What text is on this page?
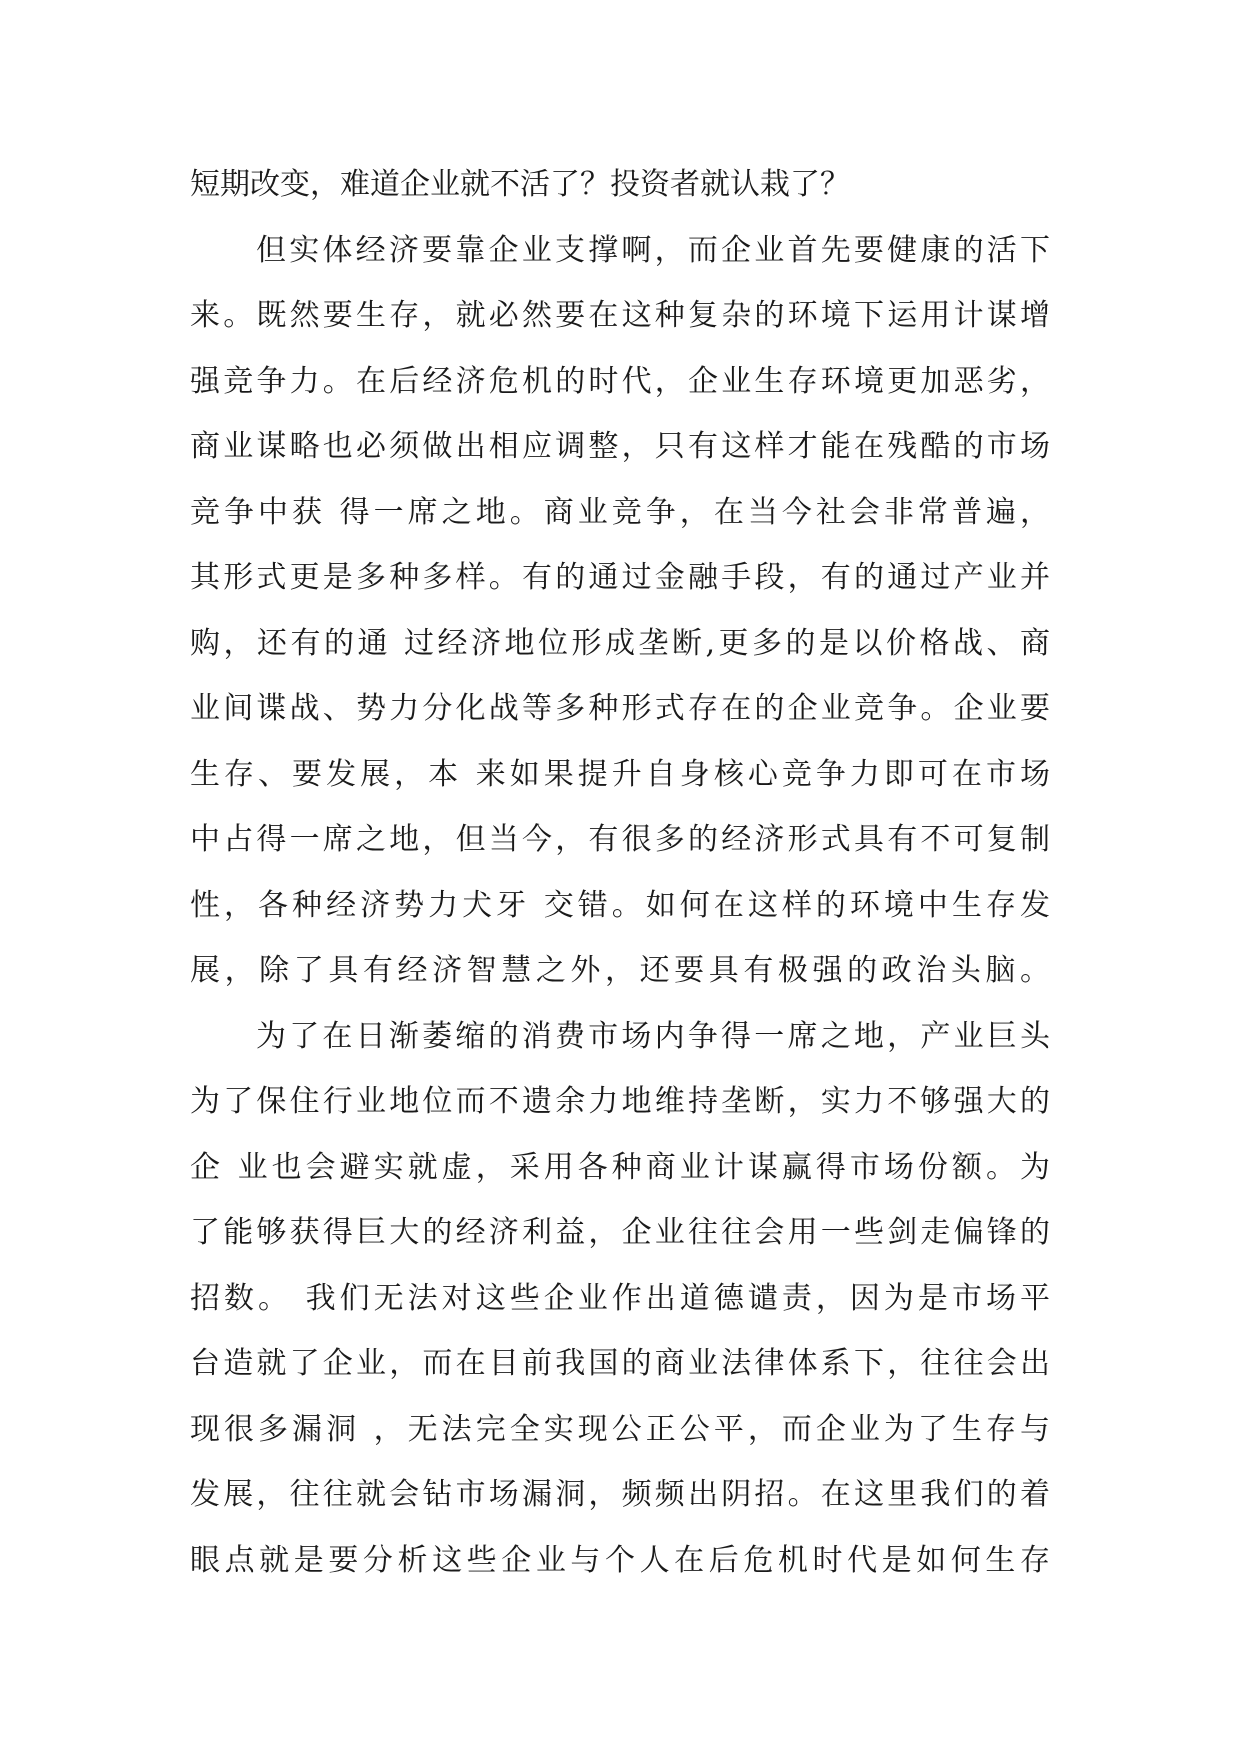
短期改变，难道企业就不活了？投资者就认栽了？
但实体经济要靠企业支撑啊，而企业首先要健康的活下
来。既然要生存，就必然要在这种复杂的环境下运用计谋增
强竞争力。在后经济危机的时代，企业生存环境更加恶劣，
商业谋略也必须做出相应调整，只有这样才能在残酷的市场
竞争中获 得一席之地。商业竞争，在当今社会非常普遍，
其形式更是多种多样。有的通过金融手段，有的通过产业并
购，还有的通 过经济地位形成垄断,更多的是以价格战、商
业间谍战、势力分化战等多种形式存在的企业竞争。企业要
生存、要发展，本 来如果提升自身核心竞争力即可在市场
中占得一席之地，但当今，有很多的经济形式具有不可复制
性，各种经济势力犬牙 交错。如何在这样的环境中生存发
展，除了具有经济智慧之外，还要具有极强的政治头脑。
为了在日渐萎缩的消费市场内争得一席之地，产业巨头
为了保住行业地位而不遗余力地维持垄断，实力不够强大的
企 业也会避实就虚，采用各种商业计谋赢得市场份额。为
了能够获得巨大的经济利益，企业往往会用一些剑走偏锋的
招数。 我们无法对这些企业作出道德谴责，因为是市场平
台造就了企业，而在目前我国的商业法律体系下，往往会出
现很多漏洞 ，无法完全实现公正公平，而企业为了生存与
发展，往往就会钻市场漏洞，频频出阴招。在这里我们的着
眼点就是要分析这些企业与个人在后危机时代是如何生存
